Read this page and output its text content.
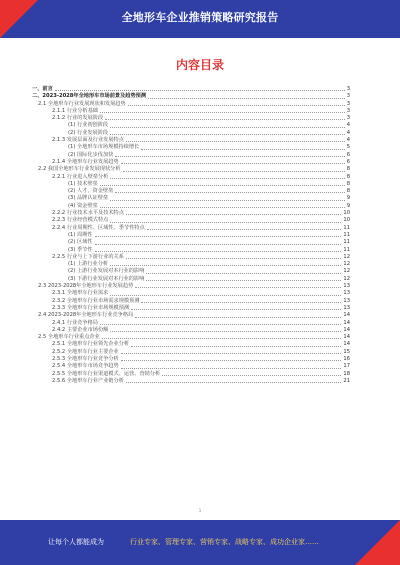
全地形车企业推销策略研究报告
内容目录
一、前言	3
二、2023-2028年全地形车市场前景及趋势预测	3
2.1 全地形车行业发展现状和发展趋势	3
2.1.1 行业分析基础	3
2.1.2 行业的发展阶段	3
(1) 行业初创阶段	4
(2) 行业发展阶段	4
2.1.3 发展层面及行业发展特点	4
(1) 全地形车市场规模持续增长	5
(2) 国际化步伐加快	6
2.1.4 全地形车行业发展趋势	6
2.2 我国全地形车行业发展现状分析	8
2.2.1 行业进入壁垒分析	8
(1) 技术壁垒	8
(2) 人才、资金壁垒	8
(3) 品牌认证壁垒	9
(4) 资金壁垒	9
2.2.2 行业技术水平及技术特点	10
2.2.3 行业经营模式特点	10
2.2.4 行业周期性、区域性、季节性特点	11
(1) 周期性	11
(2) 区域性	11
(3) 季节性	11
2.2.5 行业与上下游行业的关系	12
(1) 上游行业分析	12
(2) 上游行业发展对本行业的影响	12
(3) 下游行业发展对本行业的影响	12
2.3 2023-2028年全地形车行业发展趋势	13
2.3.1 全地形车行业需求	13
2.3.2 全地形车行业市场需求规模预测	13
2.3.3 全地形车行业市场规模预测	13
2.4 2023-2028年全地形车行业竞争格局	14
2.4.1 行业竞争格局	14
2.4.2 主要企业市场份额	14
2.5 全地形车行业重点企业	14
2.5.1 全地形车行业领先企业分析	14
2.5.2 全地形车行业主要企业	15
2.5.3 全地形车行业竞争分析	16
2.5.4 全地形车市场竞争趋势	17
2.5.5 全地形车行业渠道模式、运营、营销分析	18
2.5.6 全地形车行业产业链分析	21
1
让每个人都能成为	行业专家、管理专家、营销专家、战略专家、成功企业家……
